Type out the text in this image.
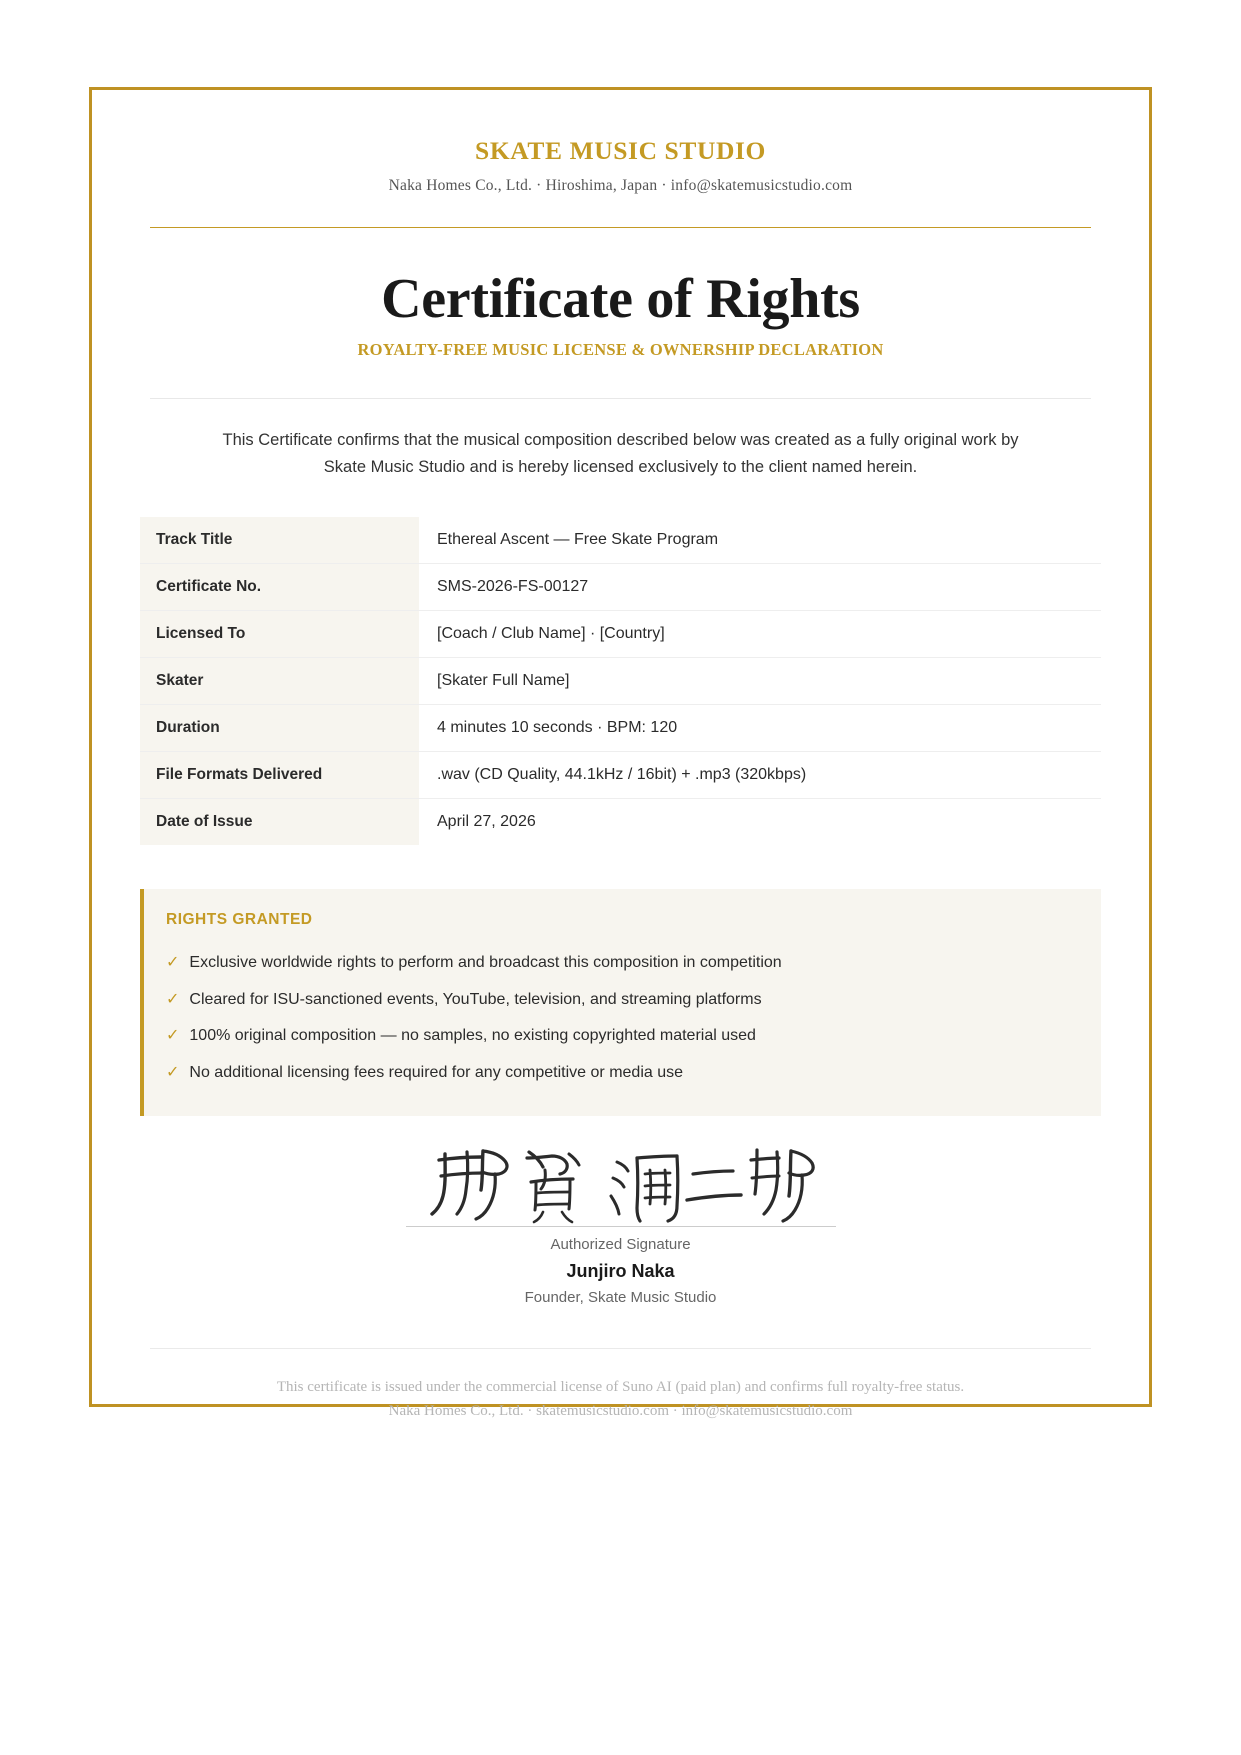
SKATE MUSIC STUDIO
Naka Homes Co., Ltd. · Hiroshima, Japan · info@skatemusicstudio.com
Certificate of Rights
ROYALTY-FREE MUSIC LICENSE & OWNERSHIP DECLARATION
This Certificate confirms that the musical composition described below was created as a fully original work by Skate Music Studio and is hereby licensed exclusively to the client named herein.
Track Title	Ethereal Ascent — Free Skate Program
Certificate No.	SMS-2026-FS-00127
Licensed To	[Coach / Club Name] · [Country]
Skater	[Skater Full Name]
Duration	4 minutes 10 seconds · BPM: 120
File Formats Delivered	.wav (CD Quality, 44.1kHz / 16bit) + .mp3 (320kbps)
Date of Issue	April 27, 2026
RIGHTS GRANTED
✓ Exclusive worldwide rights to perform and broadcast this composition in competition
✓ Cleared for ISU-sanctioned events, YouTube, television, and streaming platforms
✓ 100% original composition — no samples, no existing copyrighted material used
✓ No additional licensing fees required for any competitive or media use
Authorized Signature
Junjiro Naka
Founder, Skate Music Studio
This certificate is issued under the commercial license of Suno AI (paid plan) and confirms full royalty-free status.
Naka Homes Co., Ltd. · skatemusicstudio.com · info@skatemusicstudio.com
